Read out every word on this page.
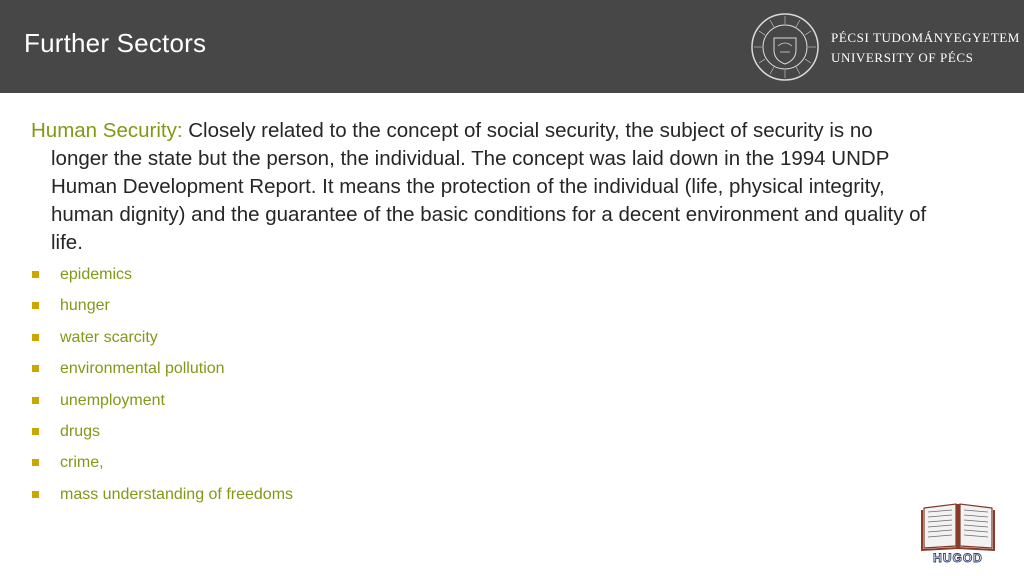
Further Sectors	PÉCSI TUDOMÁNYEGYETEM
UNIVERSITY OF PÉCS

Human Security: Closely related to the concept of social security, the subject of security is no longer the state but the person, the individual. The concept was laid down in the 1994 UNDP Human Development Report. It means the protection of the individual (life, physical integrity, human dignity) and the guarantee of the basic conditions for a decent environment and quality of life.

epidemics
hunger
water scarcity
environmental pollution
unemployment
drugs
crime,
mass understanding of freedoms
HUGOD
